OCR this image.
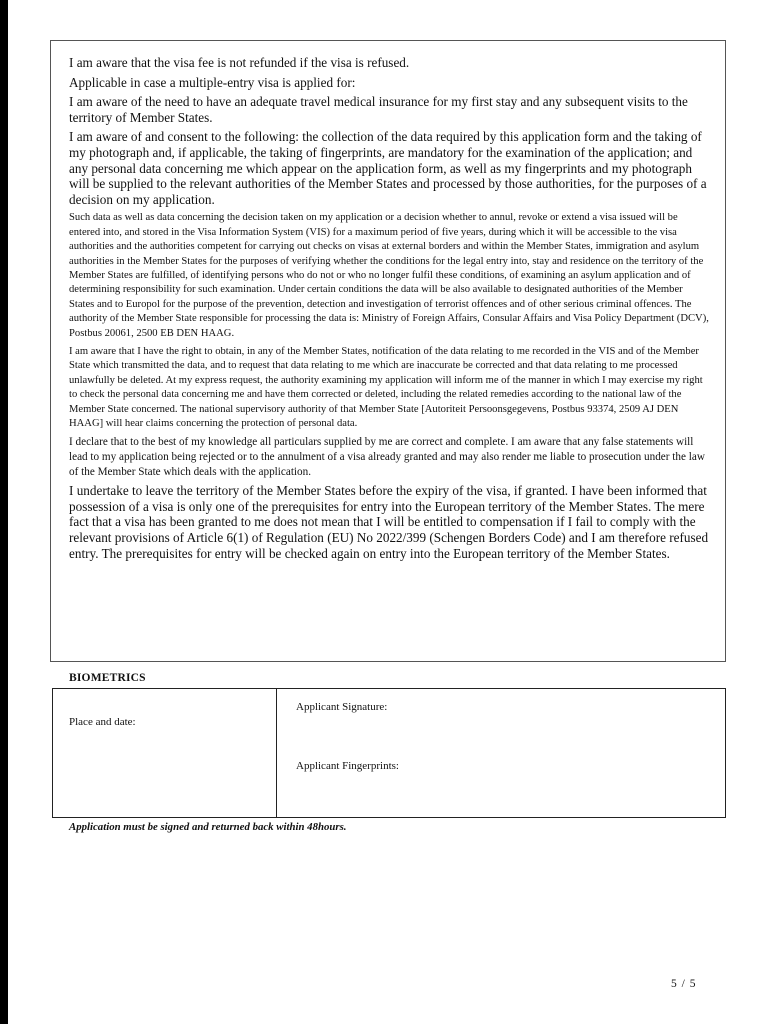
I am aware that the visa fee is not refunded if the visa is refused.

Applicable in case a multiple-entry visa is applied for:

I am aware of the need to have an adequate travel medical insurance for my first stay and any subsequent visits to the territory of Member States.

I am aware of and consent to the following: the collection of the data required by this application form and the taking of my photograph and, if applicable, the taking of fingerprints, are mandatory for the examination of the application; and any personal data concerning me which appear on the application form, as well as my fingerprints and my photograph will be supplied to the relevant authorities of the Member States and processed by those authorities, for the purposes of a decision on my application.

Such data as well as data concerning the decision taken on my application or a decision whether to annul, revoke or extend a visa issued will be entered into, and stored in the Visa Information System (VIS) for a maximum period of five years, during which it will be accessible to the visa authorities and the authorities competent for carrying out checks on visas at external borders and within the Member States, immigration and asylum authorities in the Member States for the purposes of verifying whether the conditions for the legal entry into, stay and residence on the territory of the Member States are fulfilled, of identifying persons who do not or who no longer fulfil these conditions, of examining an asylum application and of determining responsibility for such examination. Under certain conditions the data will be also available to designated authorities of the Member States and to Europol for the purpose of the prevention, detection and investigation of terrorist offences and of other serious criminal offences. The authority of the Member State responsible for processing the data is: Ministry of Foreign Affairs, Consular Affairs and Visa Policy Department (DCV), Postbus 20061, 2500 EB DEN HAAG.

I am aware that I have the right to obtain, in any of the Member States, notification of the data relating to me recorded in the VIS and of the Member State which transmitted the data, and to request that data relating to me which are inaccurate be corrected and that data relating to me processed unlawfully be deleted. At my express request, the authority examining my application will inform me of the manner in which I may exercise my right to check the personal data concerning me and have them corrected or deleted, including the related remedies according to the national law of the Member State concerned. The national supervisory authority of that Member State [Autoriteit Persoonsgegevens, Postbus 93374, 2509 AJ DEN HAAG] will hear claims concerning the protection of personal data.

I declare that to the best of my knowledge all particulars supplied by me are correct and complete. I am aware that any false statements will lead to my application being rejected or to the annulment of a visa already granted and may also render me liable to prosecution under the law of the Member State which deals with the application.

I undertake to leave the territory of the Member States before the expiry of the visa, if granted. I have been informed that possession of a visa is only one of the prerequisites for entry into the European territory of the Member States. The mere fact that a visa has been granted to me does not mean that I will be entitled to compensation if I fail to comply with the relevant provisions of Article 6(1) of Regulation (EU) No 2022/399 (Schengen Borders Code) and I am therefore refused entry. The prerequisites for entry will be checked again on entry into the European territory of the Member States.

BIOMETRICS
Place and date:
Applicant Signature:
Applicant Fingerprints:
Application must be signed and returned back within 48hours.
5 / 5
